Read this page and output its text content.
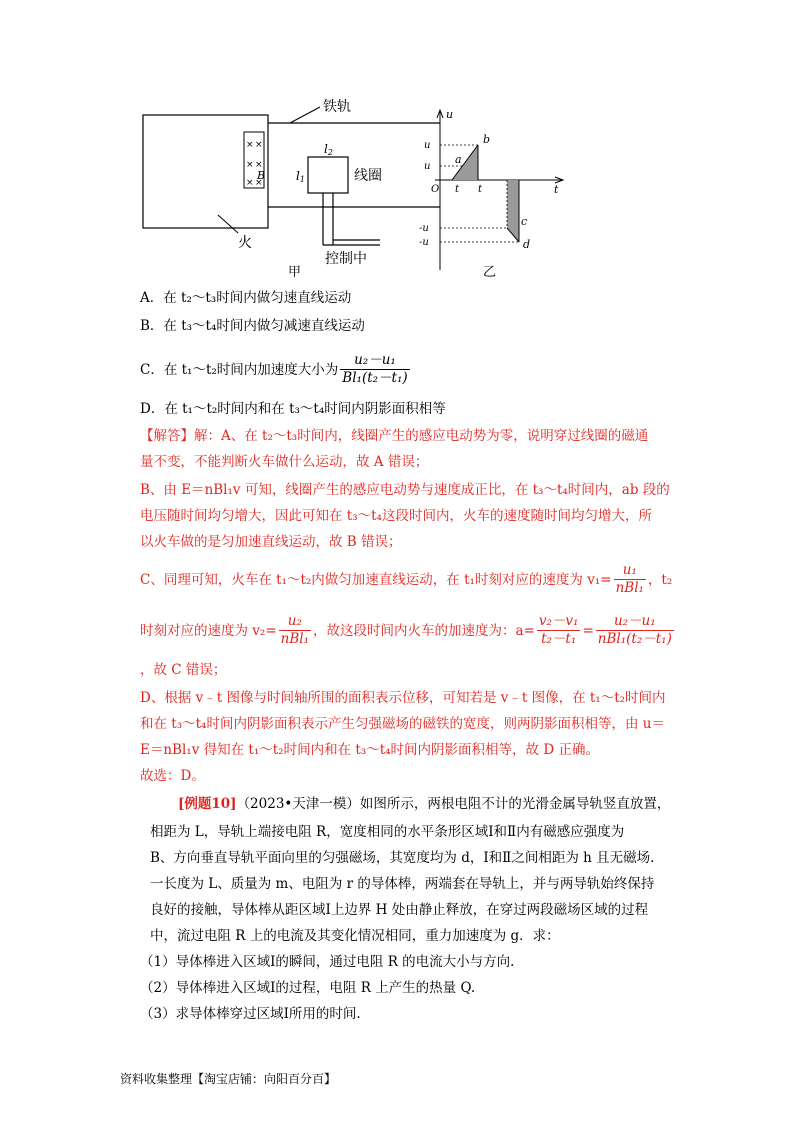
铁轨
× ×
× ×
× ×
B
l2
l1	线圈
火
控制中
甲
u
t
O
a
b
c
d
u
u
-u
-u
t t
乙
A．在 t₂～t₃时间内做匀速直线运动
B．在 t₃～t₄时间内做匀减速直线运动
C．在 t₁～t₂时间内加速度大小为 $\frac{\text{u₂－u₁}}{\text{Bl₁(t₂－t₁)}}$
D．在 t₁～t₂时间内和在 t₃～t₄时间内阴影面积相等
【解答】解：A、在 t₂～t₃时间内，线圈产生的感应电动势为零，说明穿过线圈的磁通
量不变，不能判断火车做什么运动，故 A 错误；
B、由 E＝nBl₁v 可知，线圈产生的感应电动势与速度成正比，在 t₃～t₄时间内，ab 段的
电压随时间均匀增大，因此可知在 t₃～t₄这段时间内，火车的速度随时间均匀增大，所
以火车做的是匀加速直线运动，故 B 错误；
C、同理可知，火车在 t₁～t₂内做匀加速直线运动，在 t₁时刻对应的速度为 $v_1= \frac{\text{u₁}}{\text{nBl₁}}$ ，t₂
时刻对应的速度为 $v_2= \frac{\text{u₂}}{\text{nBl₁}}$ ，故这段时间内火车的加速度为：$a= \frac{\text{v₂－v₁}}{\text{t₂－t₁}} = \frac{\text{u₂－u₁}}{\text{nBl₁(t₂－t₁)}}$
，故 C 错误；
D、根据 v﹣t 图像与时间轴所围的面积表示位移，可知若是 v﹣t 图像，在 t₁～t₂时间内
和在 t₃～t₄时间内阴影面积表示产生匀强磁场的磁铁的宽度，则两阴影面积相等，由 u＝
E＝nBl₁v 得知在 t₁～t₂时间内和在 t₃～t₄时间内阴影面积相等，故 D 正确。
故选：D。
[例题10]（2023•天津一模）如图所示，两根电阻不计的光滑金属导轨竖直放置，
相距为 L，导轨上端接电阻 R，宽度相同的水平条形区域Ⅰ和Ⅱ内有磁感应强度为
B、方向垂直导轨平面向里的匀强磁场，其宽度均为 d，Ⅰ和Ⅱ之间相距为 h 且无磁场.
一长度为 L、质量为 m、电阻为 r 的导体棒，两端套在导轨上，并与两导轨始终保持
良好的接触，导体棒从距区域Ⅰ上边界 H 处由静止释放，在穿过两段磁场区域的过程
中，流过电阻 R 上的电流及其变化情况相同，重力加速度为 g．求：
（1）导体棒进入区域Ⅰ的瞬间，通过电阻 R 的电流大小与方向.
（2）导体棒进入区域Ⅰ的过程，电阻 R 上产生的热量 Q.
（3）求导体棒穿过区域Ⅰ所用的时间.
资料收集整理【淘宝店铺：向阳百分百】
